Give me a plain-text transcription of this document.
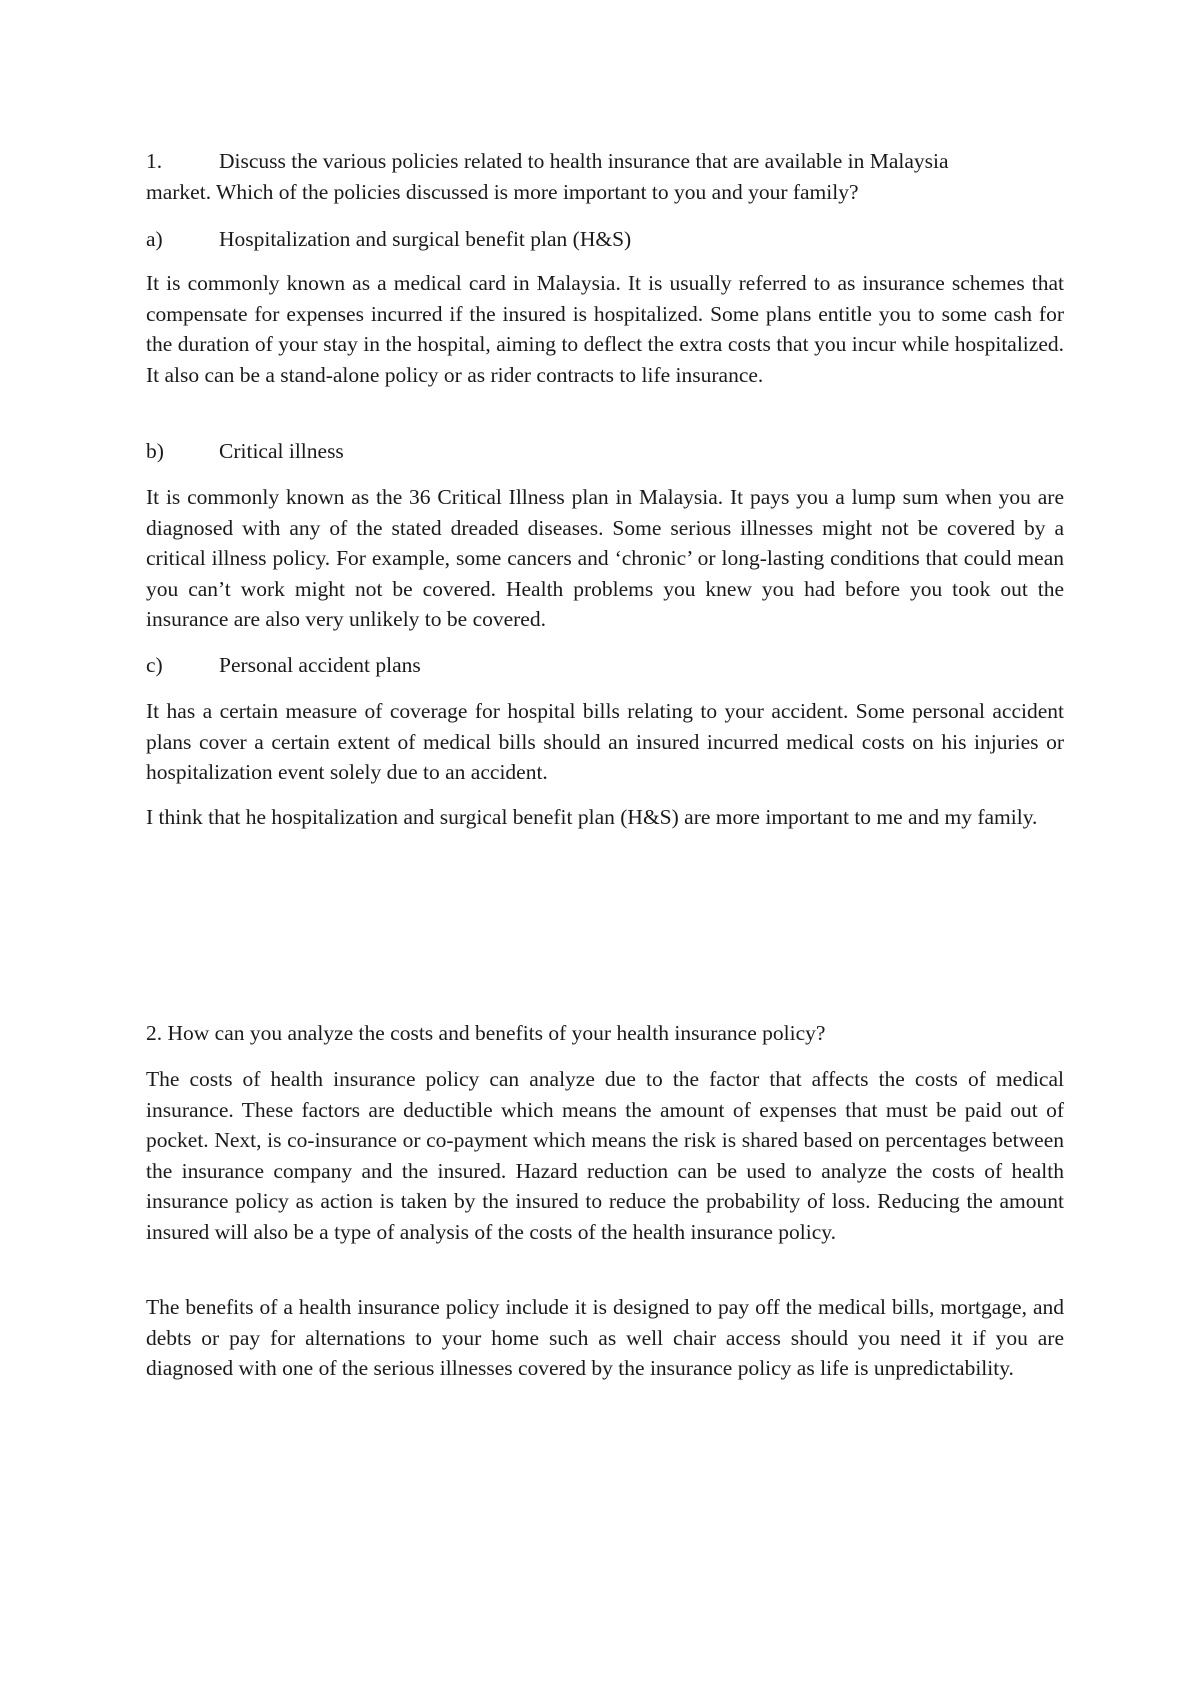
1.	Discuss the various policies related to health insurance that are available in Malaysia
market. Which of the policies discussed is more important to you and your family?
a)	Hospitalization and surgical benefit plan (H&S)

It is commonly known as a medical card in Malaysia. It is usually referred to as insurance schemes that compensate for expenses incurred if the insured is hospitalized. Some plans entitle you to some cash for the duration of your stay in the hospital, aiming to deflect the extra costs that you incur while hospitalized. It also can be a stand-alone policy or as rider contracts to life insurance.

b)	Critical illness

It is commonly known as the 36 Critical Illness plan in Malaysia. It pays you a lump sum when you are diagnosed with any of the stated dreaded diseases. Some serious illnesses might not be covered by a critical illness policy. For example, some cancers and ‘chronic’ or long-lasting conditions that could mean you can’t work might not be covered. Health problems you knew you had before you took out the insurance are also very unlikely to be covered.

c)	Personal accident plans

It has a certain measure of coverage for hospital bills relating to your accident. Some personal accident plans cover a certain extent of medical bills should an insured incurred medical costs on his injuries or hospitalization event solely due to an accident.

I think that he hospitalization and surgical benefit plan (H&S) are more important to me and my family.

2. How can you analyze the costs and benefits of your health insurance policy?

The costs of health insurance policy can analyze due to the factor that affects the costs of medical insurance. These factors are deductible which means the amount of expenses that must be paid out of pocket. Next, is co-insurance or co-payment which means the risk is shared based on percentages between the insurance company and the insured. Hazard reduction can be used to analyze the costs of health insurance policy as action is taken by the insured to reduce the probability of loss. Reducing the amount insured will also be a type of analysis of the costs of the health insurance policy.

The benefits of a health insurance policy include it is designed to pay off the medical bills, mortgage, and debts or pay for alternations to your home such as well chair access should you need it if you are diagnosed with one of the serious illnesses covered by the insurance policy as life is unpredictability.
